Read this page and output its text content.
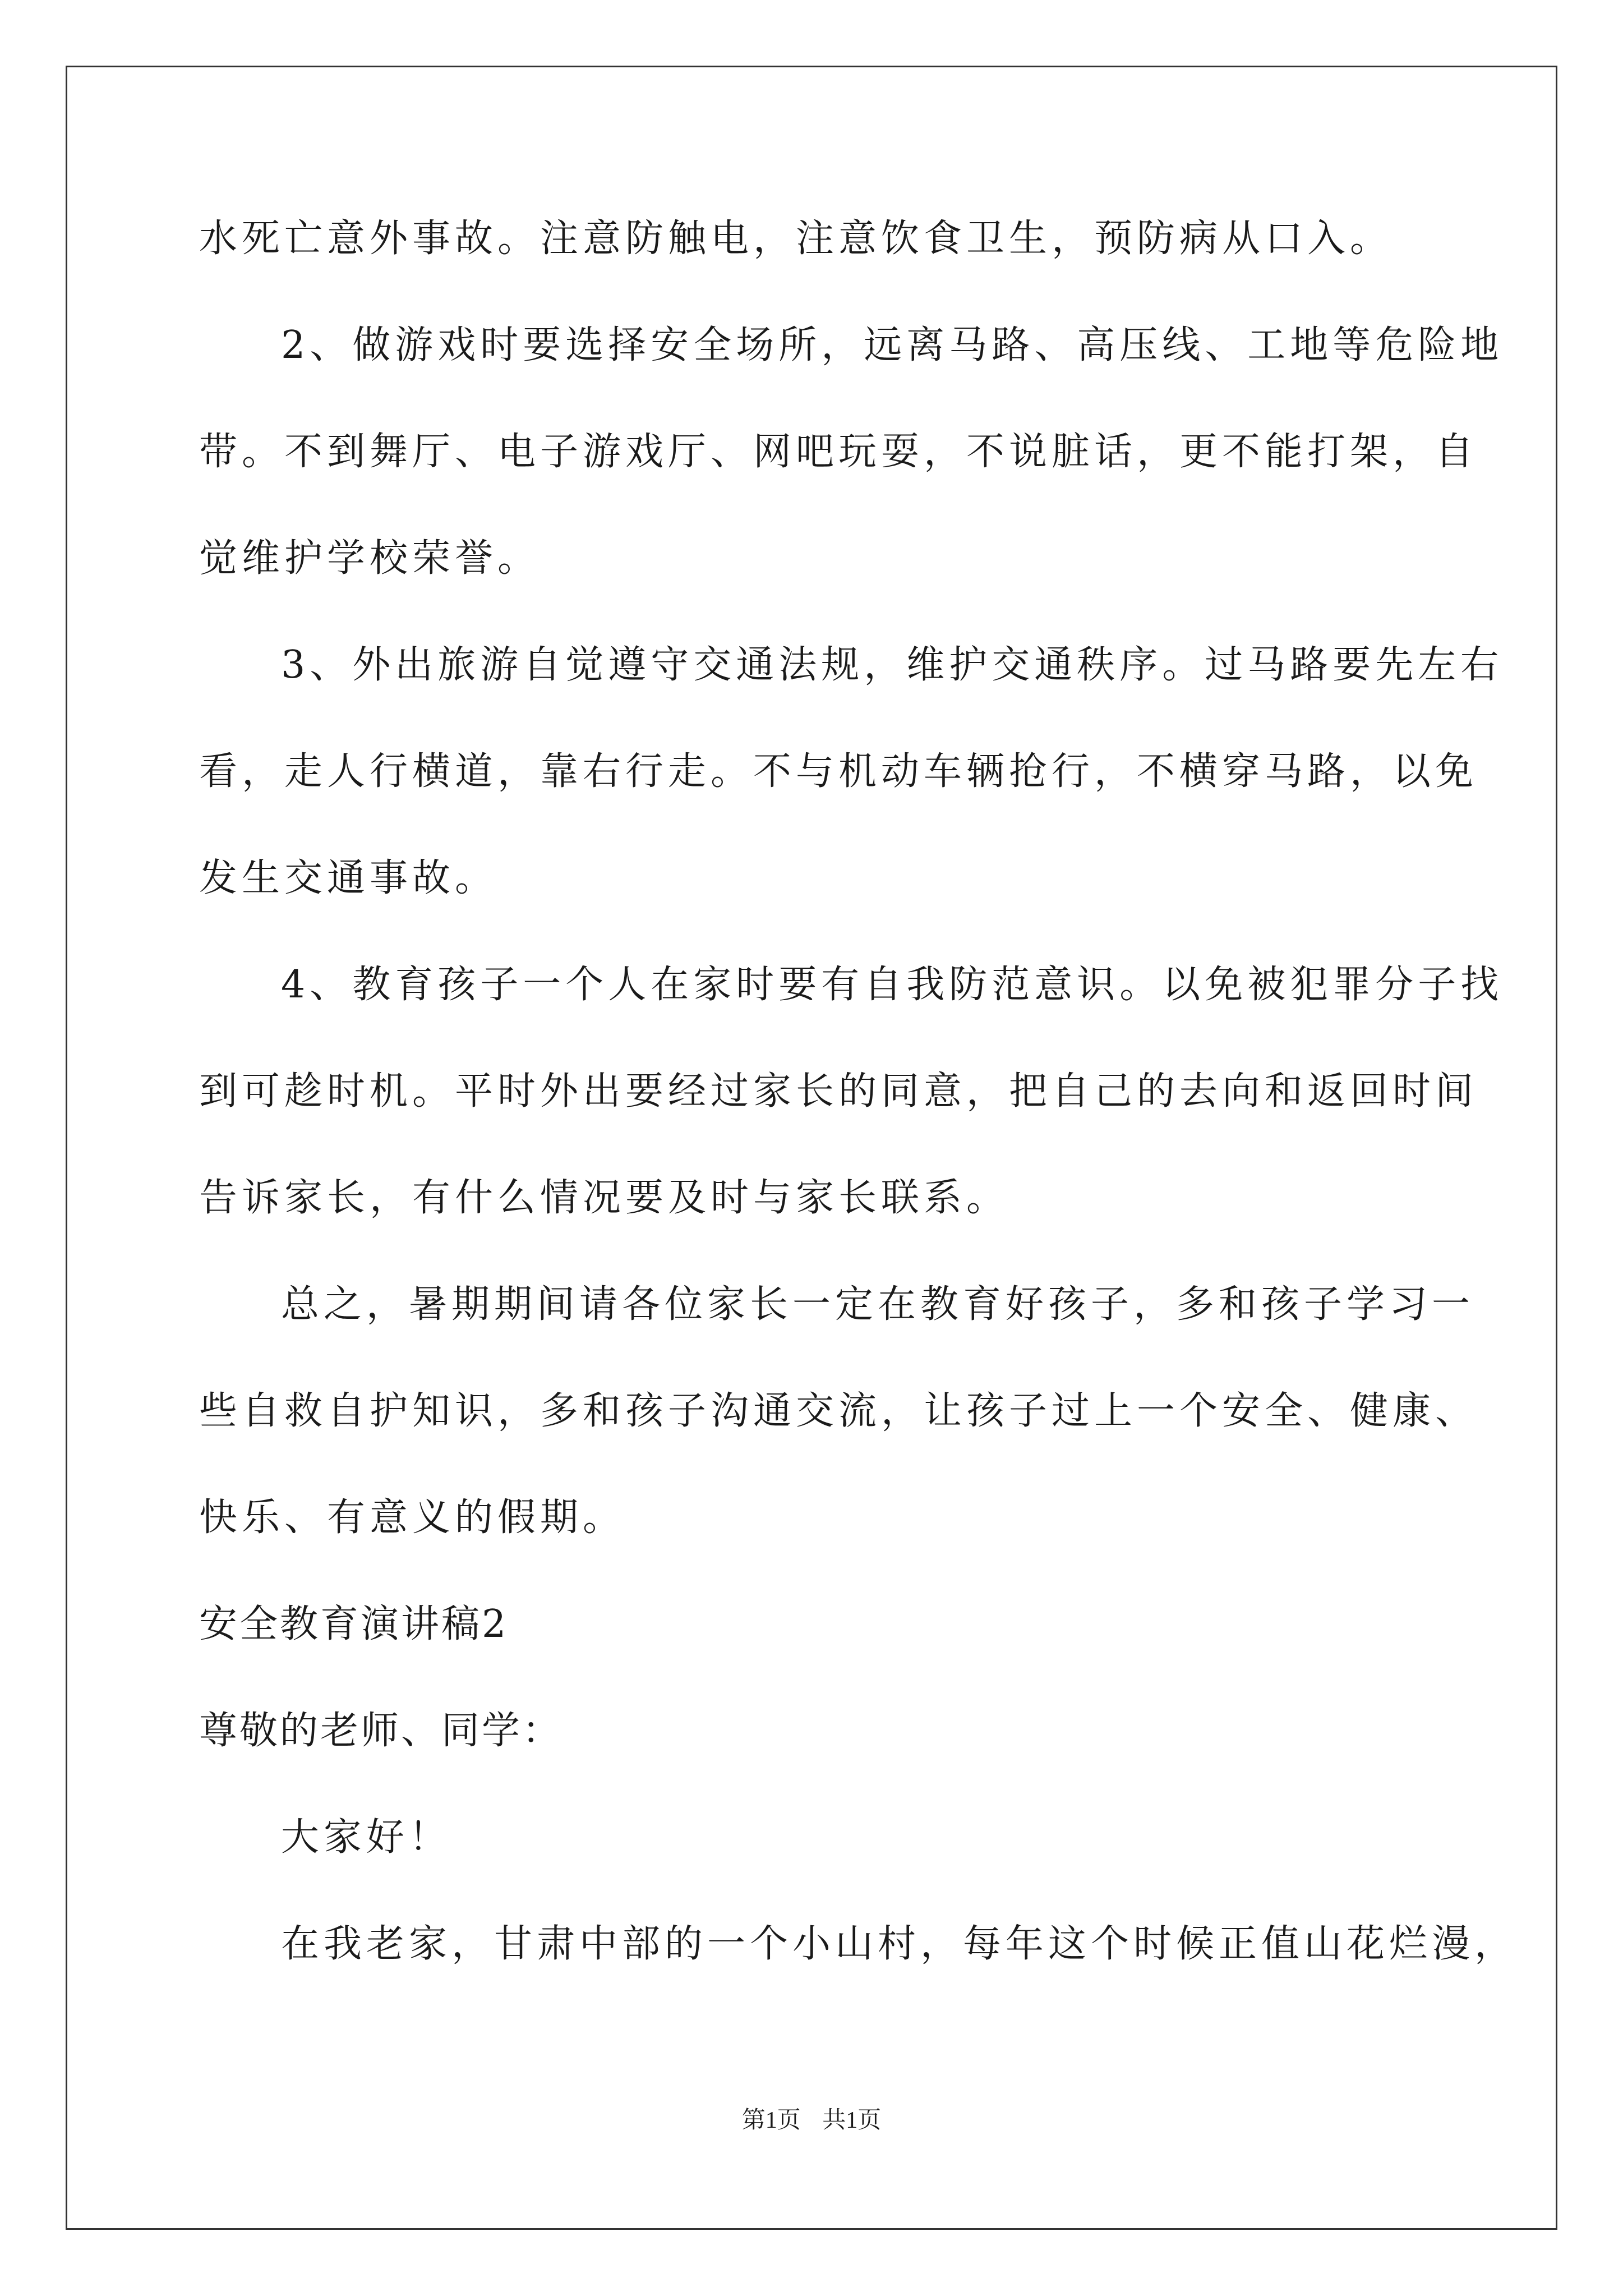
水死亡意外事故。注意防触电，注意饮食卫生，预防病从口入。
2、做游戏时要选择安全场所，远离马路、高压线、工地等危险地
带。不到舞厅、电子游戏厅、网吧玩耍，不说脏话，更不能打架，自
觉维护学校荣誉。
3、外出旅游自觉遵守交通法规，维护交通秩序。过马路要先左右
看，走人行横道，靠右行走。不与机动车辆抢行，不横穿马路，以免
发生交通事故。
4、教育孩子一个人在家时要有自我防范意识。以免被犯罪分子找
到可趁时机。平时外出要经过家长的同意，把自己的去向和返回时间
告诉家长，有什么情况要及时与家长联系。
总之，暑期期间请各位家长一定在教育好孩子，多和孩子学习一
些自救自护知识，多和孩子沟通交流，让孩子过上一个安全、健康、
快乐、有意义的假期。
安全教育演讲稿2
尊敬的老师、同学：
大家好！
在我老家，甘肃中部的一个小山村，每年这个时候正值山花烂漫，
第1页 共1页
